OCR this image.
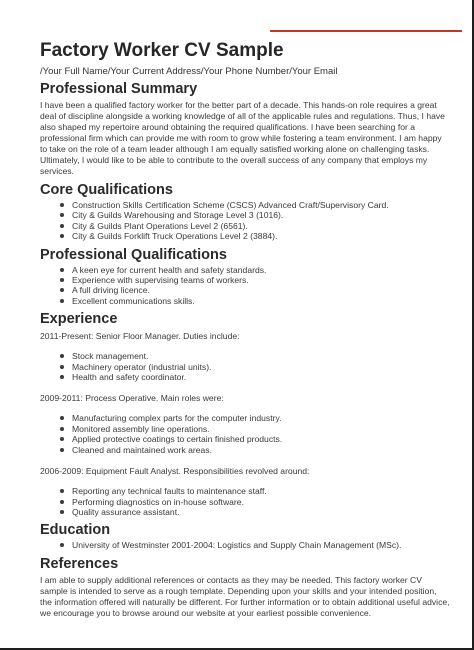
Factory Worker CV Sample
/Your Full Name/Your Current Address/Your Phone Number/Your Email
Professional Summary

I have been a qualified factory worker for the better part of a decade. This hands-on role requires a great deal of discipline alongside a working knowledge of all of the applicable rules and regulations. Thus, I have also shaped my repertoire around obtaining the required qualifications. I have been searching for a professional firm which can provide me with room to grow while fostering a team environment. I am happy to take on the role of a team leader although I am equally satisfied working alone on challenging tasks. Ultimately, I would like to be able to contribute to the overall success of any company that employs my services.

Core Qualifications
Construction Skills Certification Scheme (CSCS) Advanced Craft/Supervisory Card.
City & Guilds Warehousing and Storage Level 3 (1016).
City & Guilds Plant Operations Level 2 (6561).
City & Guilds Forklift Truck Operations Level 2 (3884).
Professional Qualifications
A keen eye for current health and safety standards.
Experience with supervising teams of workers.
A full driving licence.
Excellent communications skills.
Experience

2011-Present: Senior Floor Manager. Duties include:

Stock management.
Machinery operator (industrial units).
Health and safety coordinator.

2009-2011: Process Operative. Main roles were:

Manufacturing complex parts for the computer industry.
Monitored assembly line operations.
Applied protective coatings to certain finished products.
Cleaned and maintained work areas.

2006-2009: Equipment Fault Analyst. Responsibilities revolved around:

Reporting any technical faults to maintenance staff.
Performing diagnostics on in-house software.
Quality assurance assistant.
Education
University of Westminster 2001-2004: Logistics and Supply Chain Management (MSc).
References

I am able to supply additional references or contacts as they may be needed. This factory worker CV sample is intended to serve as a rough template. Depending upon your skills and your intended position, the information offered will naturally be different. For further information or to obtain additional useful advice, we encourage you to browse around our website at your earliest possible convenience.
